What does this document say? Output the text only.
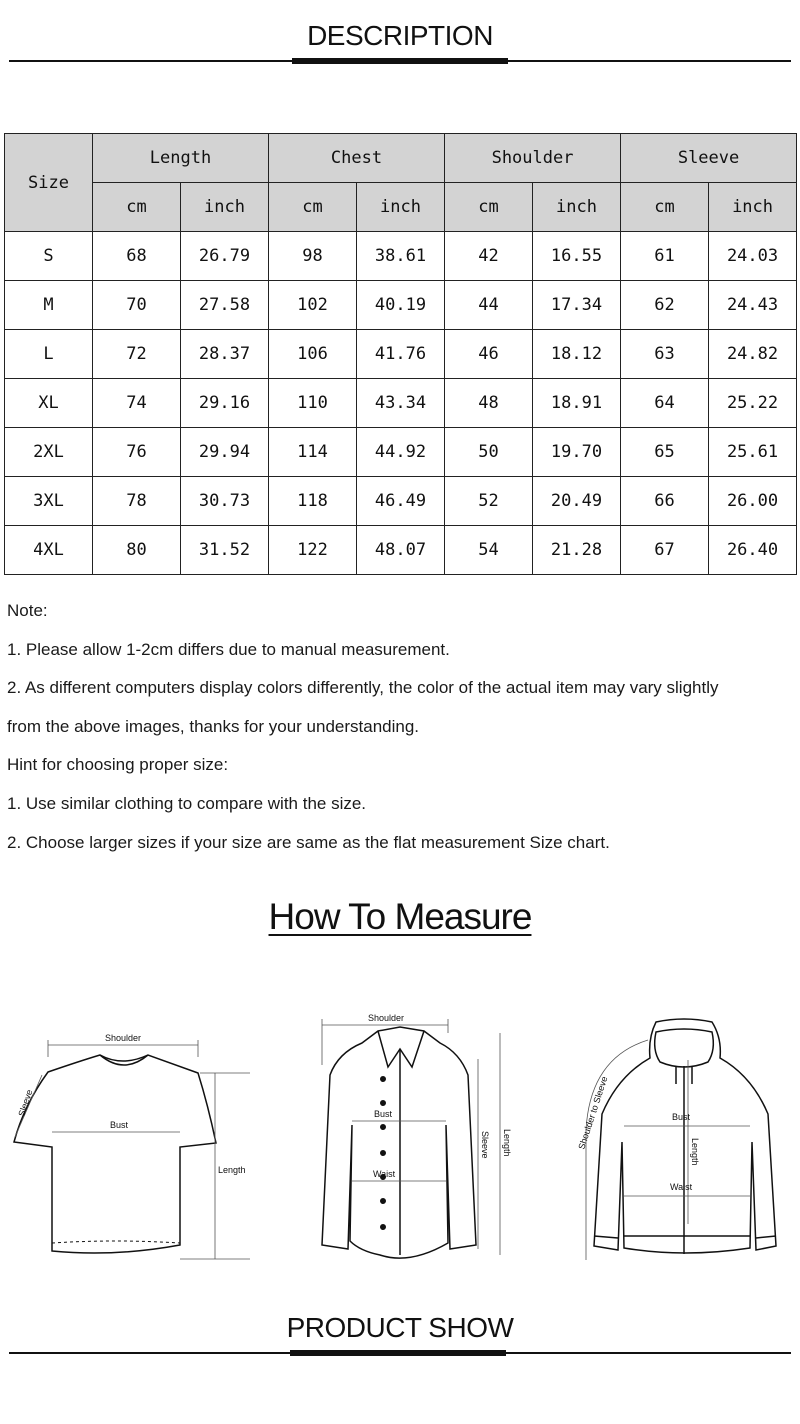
DESCRIPTION
Size	Length		Chest		Shoulder		Sleeve	
	cm	inch	cm	inch	cm	inch	cm	inch
S	68	26.79	98	38.61	42	16.55	61	24.03
M	70	27.58	102	40.19	44	17.34	62	24.43
L	72	28.37	106	41.76	46	18.12	63	24.82
XL	74	29.16	110	43.34	48	18.91	64	25.22
2XL	76	29.94	114	44.92	50	19.70	65	25.61
3XL	78	30.73	118	46.49	52	20.49	66	26.00
4XL	80	31.52	122	48.07	54	21.28	67	26.40

Note:

1. Please allow 1-2cm differs due to manual measurement.

2. As different computers display colors differently, the color of the actual item may vary slightly

from the above images, thanks for your understanding.

Hint for choosing proper size:

1. Use similar clothing to compare with the size.

2. Choose larger sizes if your size are same as the flat measurement Size chart.

How To Measure
Shoulder
Bust
Length
Sleeve
Shoulder
Bust
Waist
Sleeve Length
Bust
Waist
Length
Shoulder to Sleeve
PRODUCT SHOW
